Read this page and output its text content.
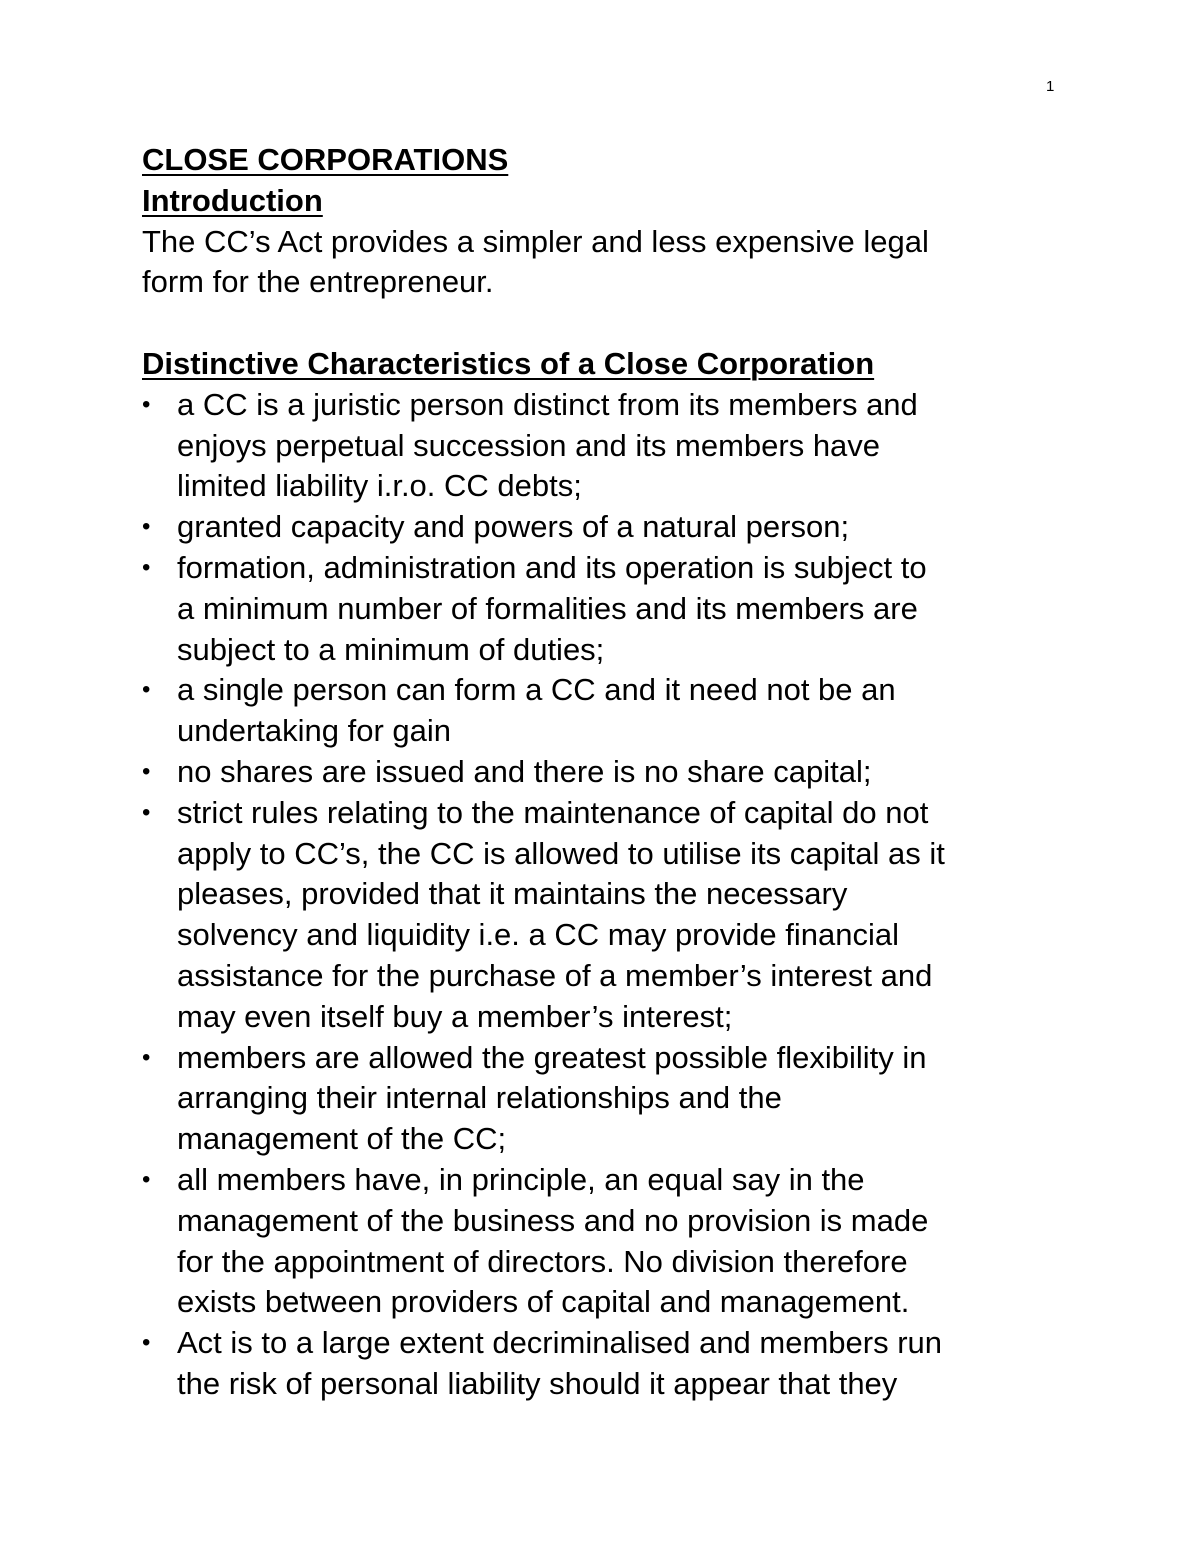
1
CLOSE CORPORATIONS
Introduction
The CC’s Act provides a simpler and less expensive legal
form for the entrepreneur.
Distinctive Characteristics of a Close Corporation
• a CC is a juristic person distinct from its members and
enjoys perpetual succession and its members have
limited liability i.r.o. CC debts;
• granted capacity and powers of a natural person;
• formation, administration and its operation is subject to
a minimum number of formalities and its members are
subject to a minimum of duties;
• a single person can form a CC and it need not be an
undertaking for gain
• no shares are issued and there is no share capital;
• strict rules relating to the maintenance of capital do not
apply to CC’s, the CC is allowed to utilise its capital as it
pleases, provided that it maintains the necessary
solvency and liquidity i.e. a CC may provide financial
assistance for the purchase of a member’s interest and
may even itself buy a member’s interest;
• members are allowed the greatest possible flexibility in
arranging their internal relationships and the
management of the CC;
• all members have, in principle, an equal say in the
management of the business and no provision is made
for the appointment of directors. No division therefore
exists between providers of capital and management.
• Act is to a large extent decriminalised and members run
the risk of personal liability should it appear that they
